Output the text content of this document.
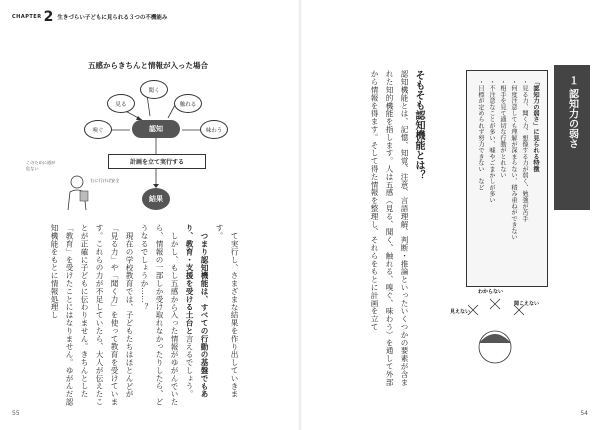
CHAPTER 2 生きづらい子どもに見られる３つの不機能み
五感からきちんと情報が入った場合
見る
聞く
触れる
嗅ぐ	味わう
認知
計画を立て実行する
結果
このために道が危ない
右に行けば安全

て実行し、さまざまな結果を作り出していきます。

つまり認知機能は、すべての行動の基盤でもあり、教育・支援を受ける土台と言えるでしょう。

しかし、もし五感から入った情報がゆがんでいたら、情報の一部しか受け取れなかったりしたら、どうなるでしょうか……？

現在の学校教育では、子どもたちはほとんどが「見る力」や「聞く力」を使って教育を受けています。これらの力が不足していたら、大人が伝えたことが正確に子どもに伝わりません。きちんとした「教育」を受けたことにはなりません。ゆがんだ認知機能をもとに情報処理し

55
１ 認知力の弱さ
「認知力の弱さ」に見られる特徴
・見る力、聞く力、想像する力が弱く、勉強が苦手
・何度注意しても理解が深まらない、積み重ねができない
・相手を見て適切な行動がとれない
・不注意なことが多い、嘘やごまかしが多い
・目標が定められず努力できない　など
そもそも認知機能とは？

認知機能とは、記憶、知覚、注意、言語理解、判断・推論といったいくつかの要素が含まれた知的機能を指します。人は五感（見る、聞く、触れる、嗅ぐ、味わう）を通して外部から情報を得ます。そして得た情報を整理し、それらをもとに計画を立て	見えない
わからない
聞こえない
54
